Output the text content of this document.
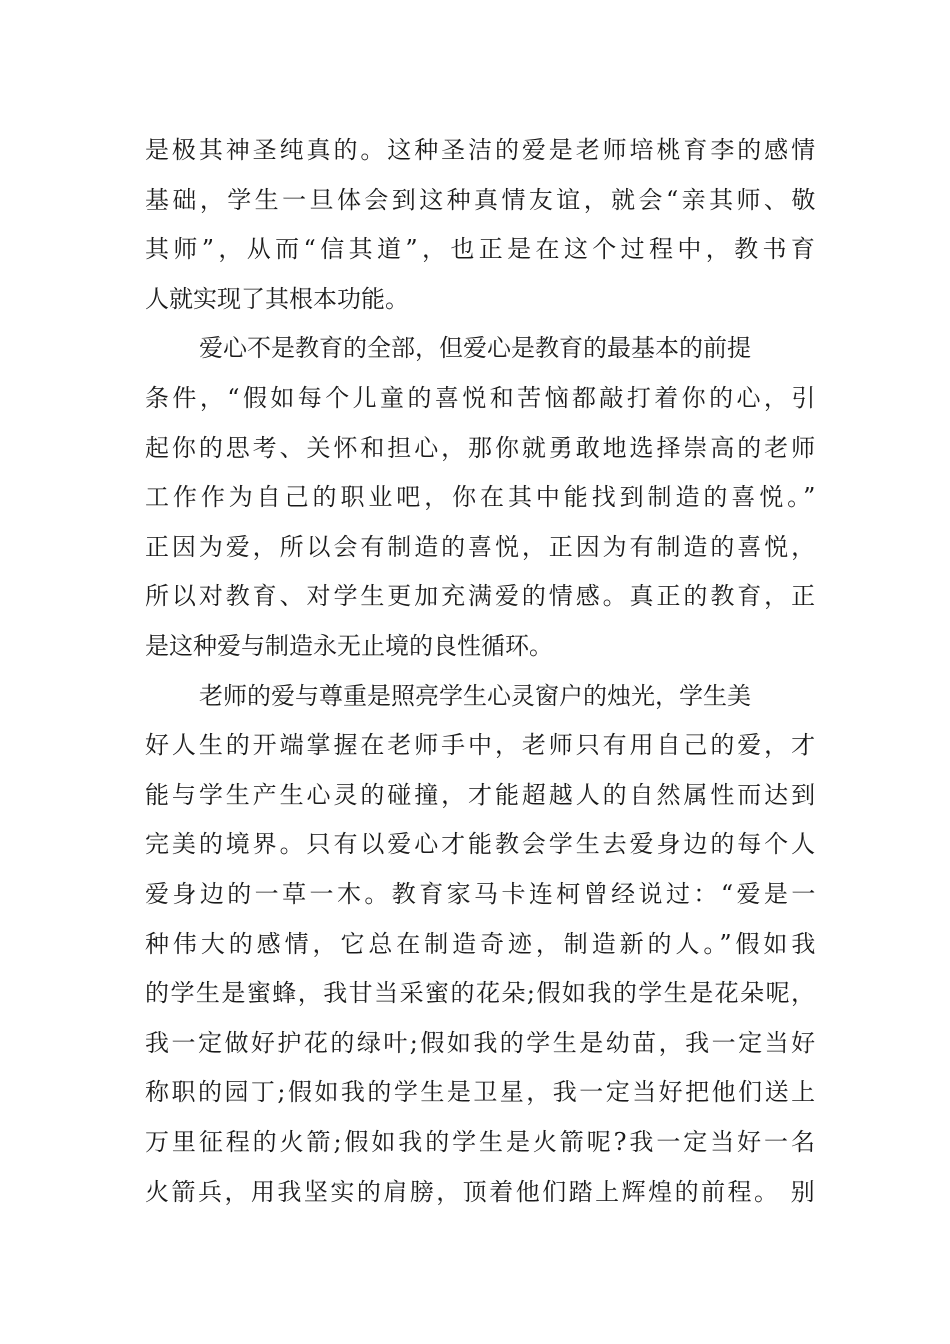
是极其神圣纯真的。这种圣洁的爱是老师培桃育李的感情
基础，学生一旦体会到这种真情友谊，就会“亲其师、敬
其师”，从而“信其道”，也正是在这个过程中，教书育
人就实现了其根本功能。
爱心不是教育的全部，但爱心是教育的最基本的前提
条件，“假如每个儿童的喜悦和苦恼都敲打着你的心，引
起你的思考、关怀和担心，那你就勇敢地选择崇高的老师
工作作为自己的职业吧，你在其中能找到制造的喜悦。”
正因为爱，所以会有制造的喜悦，正因为有制造的喜悦，
所以对教育、对学生更加充满爱的情感。真正的教育，正
是这种爱与制造永无止境的良性循环。
老师的爱与尊重是照亮学生心灵窗户的烛光，学生美
好人生的开端掌握在老师手中，老师只有用自己的爱，才
能与学生产生心灵的碰撞，才能超越人的自然属性而达到
完美的境界。只有以爱心才能教会学生去爱身边的每个人
爱身边的一草一木。教育家马卡连柯曾经说过：“爱是一
种伟大的感情，它总在制造奇迹，制造新的人。”假如我
的学生是蜜蜂，我甘当采蜜的花朵;假如我的学生是花朵呢，
我一定做好护花的绿叶;假如我的学生是幼苗，我一定当好
称职的园丁;假如我的学生是卫星，我一定当好把他们送上
万里征程的火箭;假如我的学生是火箭呢?我一定当好一名
火箭兵，用我坚实的肩膀，顶着他们踏上辉煌的前程。 别
